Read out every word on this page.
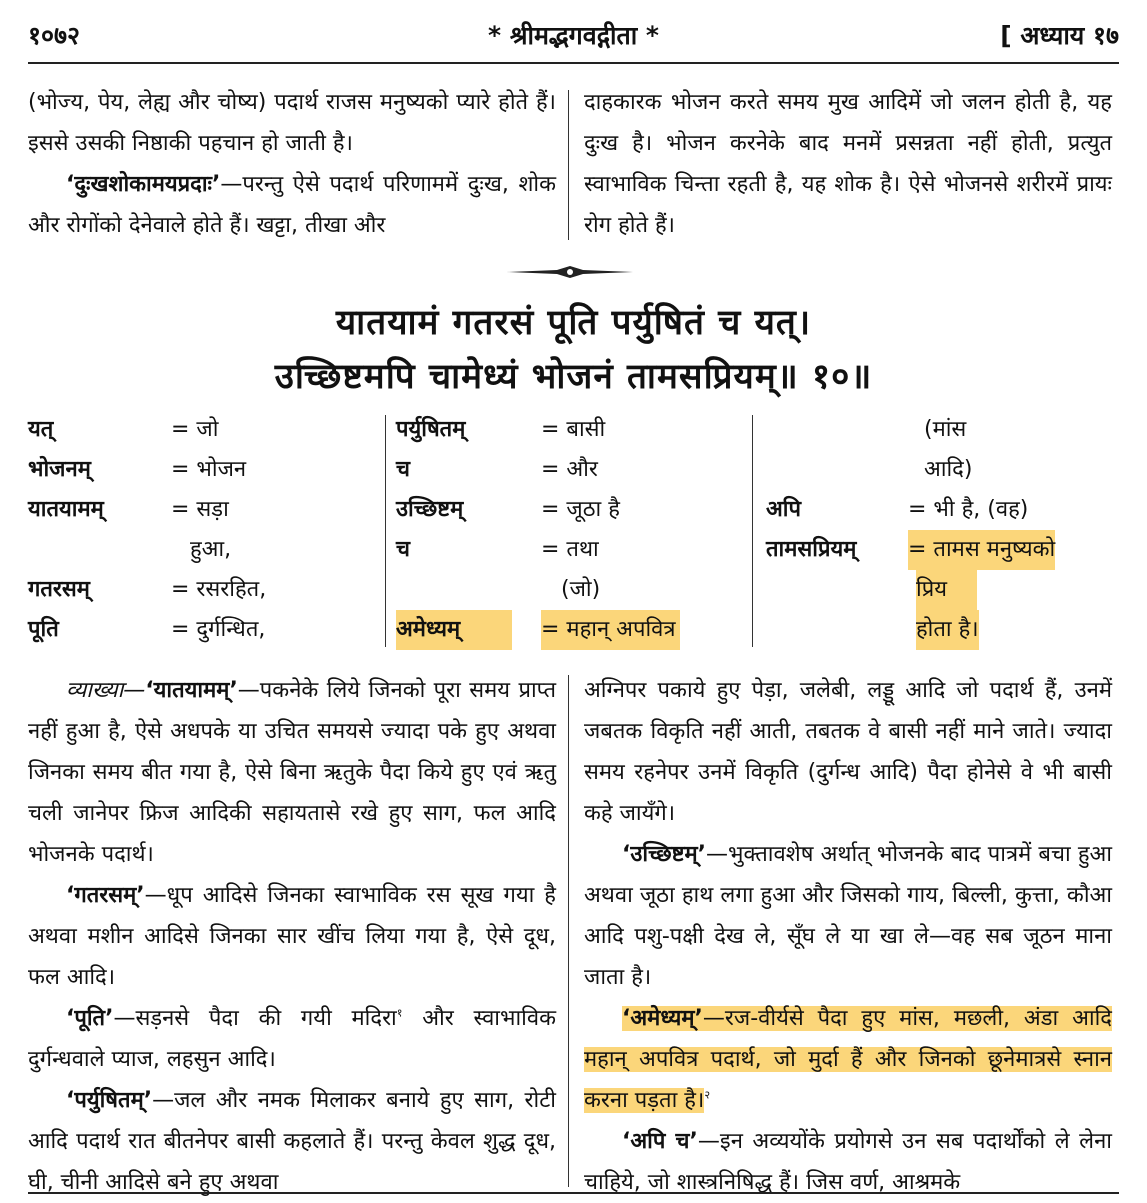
१०७२	* श्रीमद्भगवद्गीता *	[ अध्याय १७

(भोज्य, पेय, लेह्य और चोष्य) पदार्थ राजस मनुष्यको प्यारे होते हैं। इससे उसकी निष्ठाकी पहचान हो जाती है।

‘दुःखशोकामयप्रदाः’—परन्तु ऐसे पदार्थ परिणाममें दुःख, शोक और रोगोंको देनेवाले होते हैं। खट्टा, तीखा और

दाहकारक भोजन करते समय मुख आदिमें जो जलन होती है, यह दुःख है। भोजन करनेके बाद मनमें प्रसन्नता नहीं होती, प्रत्युत स्वाभाविक चिन्ता रहती है, यह शोक है। ऐसे भोजनसे शरीरमें प्रायः रोग होते हैं।

यातयामं गतरसं पूति पर्युषितं च यत्।
उच्छिष्टमपि चामेध्यं भोजनं तामसप्रियम्॥ १०॥
यत्	= जो
भोजनम्	= भोजन
यातयामम्	= सड़ा
हुआ,
गतरसम्	= रसरहित,
पूति	= दुर्गन्धित,
पर्युषितम्	= बासी
च	= और
उच्छिष्टम्	= जूठा है
च	= तथा
(जो)
अमेध्यम्	= महान् अपवित्र
(मांस
आदि)
अपि	= भी है, (वह)
तामसप्रियम् = तामस मनुष्यको
प्रिय
होता है।

व्याख्या—‘यातयामम्’—पकनेके लिये जिनको पूरा समय प्राप्त नहीं हुआ है, ऐसे अधपके या उचित समयसे ज्यादा पके हुए अथवा जिनका समय बीत गया है, ऐसे बिना ऋतुके पैदा किये हुए एवं ऋतु चली जानेपर फ्रिज आदिकी सहायतासे रखे हुए साग, फल आदि भोजनके पदार्थ।

‘गतरसम्’—धूप आदिसे जिनका स्वाभाविक रस सूख गया है अथवा मशीन आदिसे जिनका सार खींच लिया गया है, ऐसे दूध, फल आदि।

‘पूति’—सड़नसे पैदा की गयी मदिरा$^१$ और स्वाभाविक दुर्गन्धवाले प्याज, लहसुन आदि।

‘पर्युषितम्’—जल और नमक मिलाकर बनाये हुए साग, रोटी आदि पदार्थ रात बीतनेपर बासी कहलाते हैं। परन्तु केवल शुद्ध दूध, घी, चीनी आदिसे बने हुए अथवा

अग्निपर पकाये हुए पेड़ा, जलेबी, लड्डू आदि जो पदार्थ हैं, उनमें जबतक विकृति नहीं आती, तबतक वे बासी नहीं माने जाते। ज्यादा समय रहनेपर उनमें विकृति (दुर्गन्ध आदि) पैदा होनेसे वे भी बासी कहे जायँगे।

‘उच्छिष्टम्’—भुक्तावशेष अर्थात् भोजनके बाद पात्रमें बचा हुआ अथवा जूठा हाथ लगा हुआ और जिसको गाय, बिल्ली, कुत्ता, कौआ आदि पशु-पक्षी देख ले, सूँघ ले या खा ले—वह सब जूठन माना जाता है।

‘अमेध्यम्’—रज-वीर्यसे पैदा हुए मांस, मछली, अंडा आदि महान् अपवित्र पदार्थ, जो मुर्दा हैं और जिनको छूनेमात्रसे स्नान करना पड़ता है।$^२$

‘अपि च’—इन अव्ययोंके प्रयोगसे उन सब पदार्थोंको ले लेना चाहिये, जो शास्त्रनिषिद्ध हैं। जिस वर्ण, आश्रमके
